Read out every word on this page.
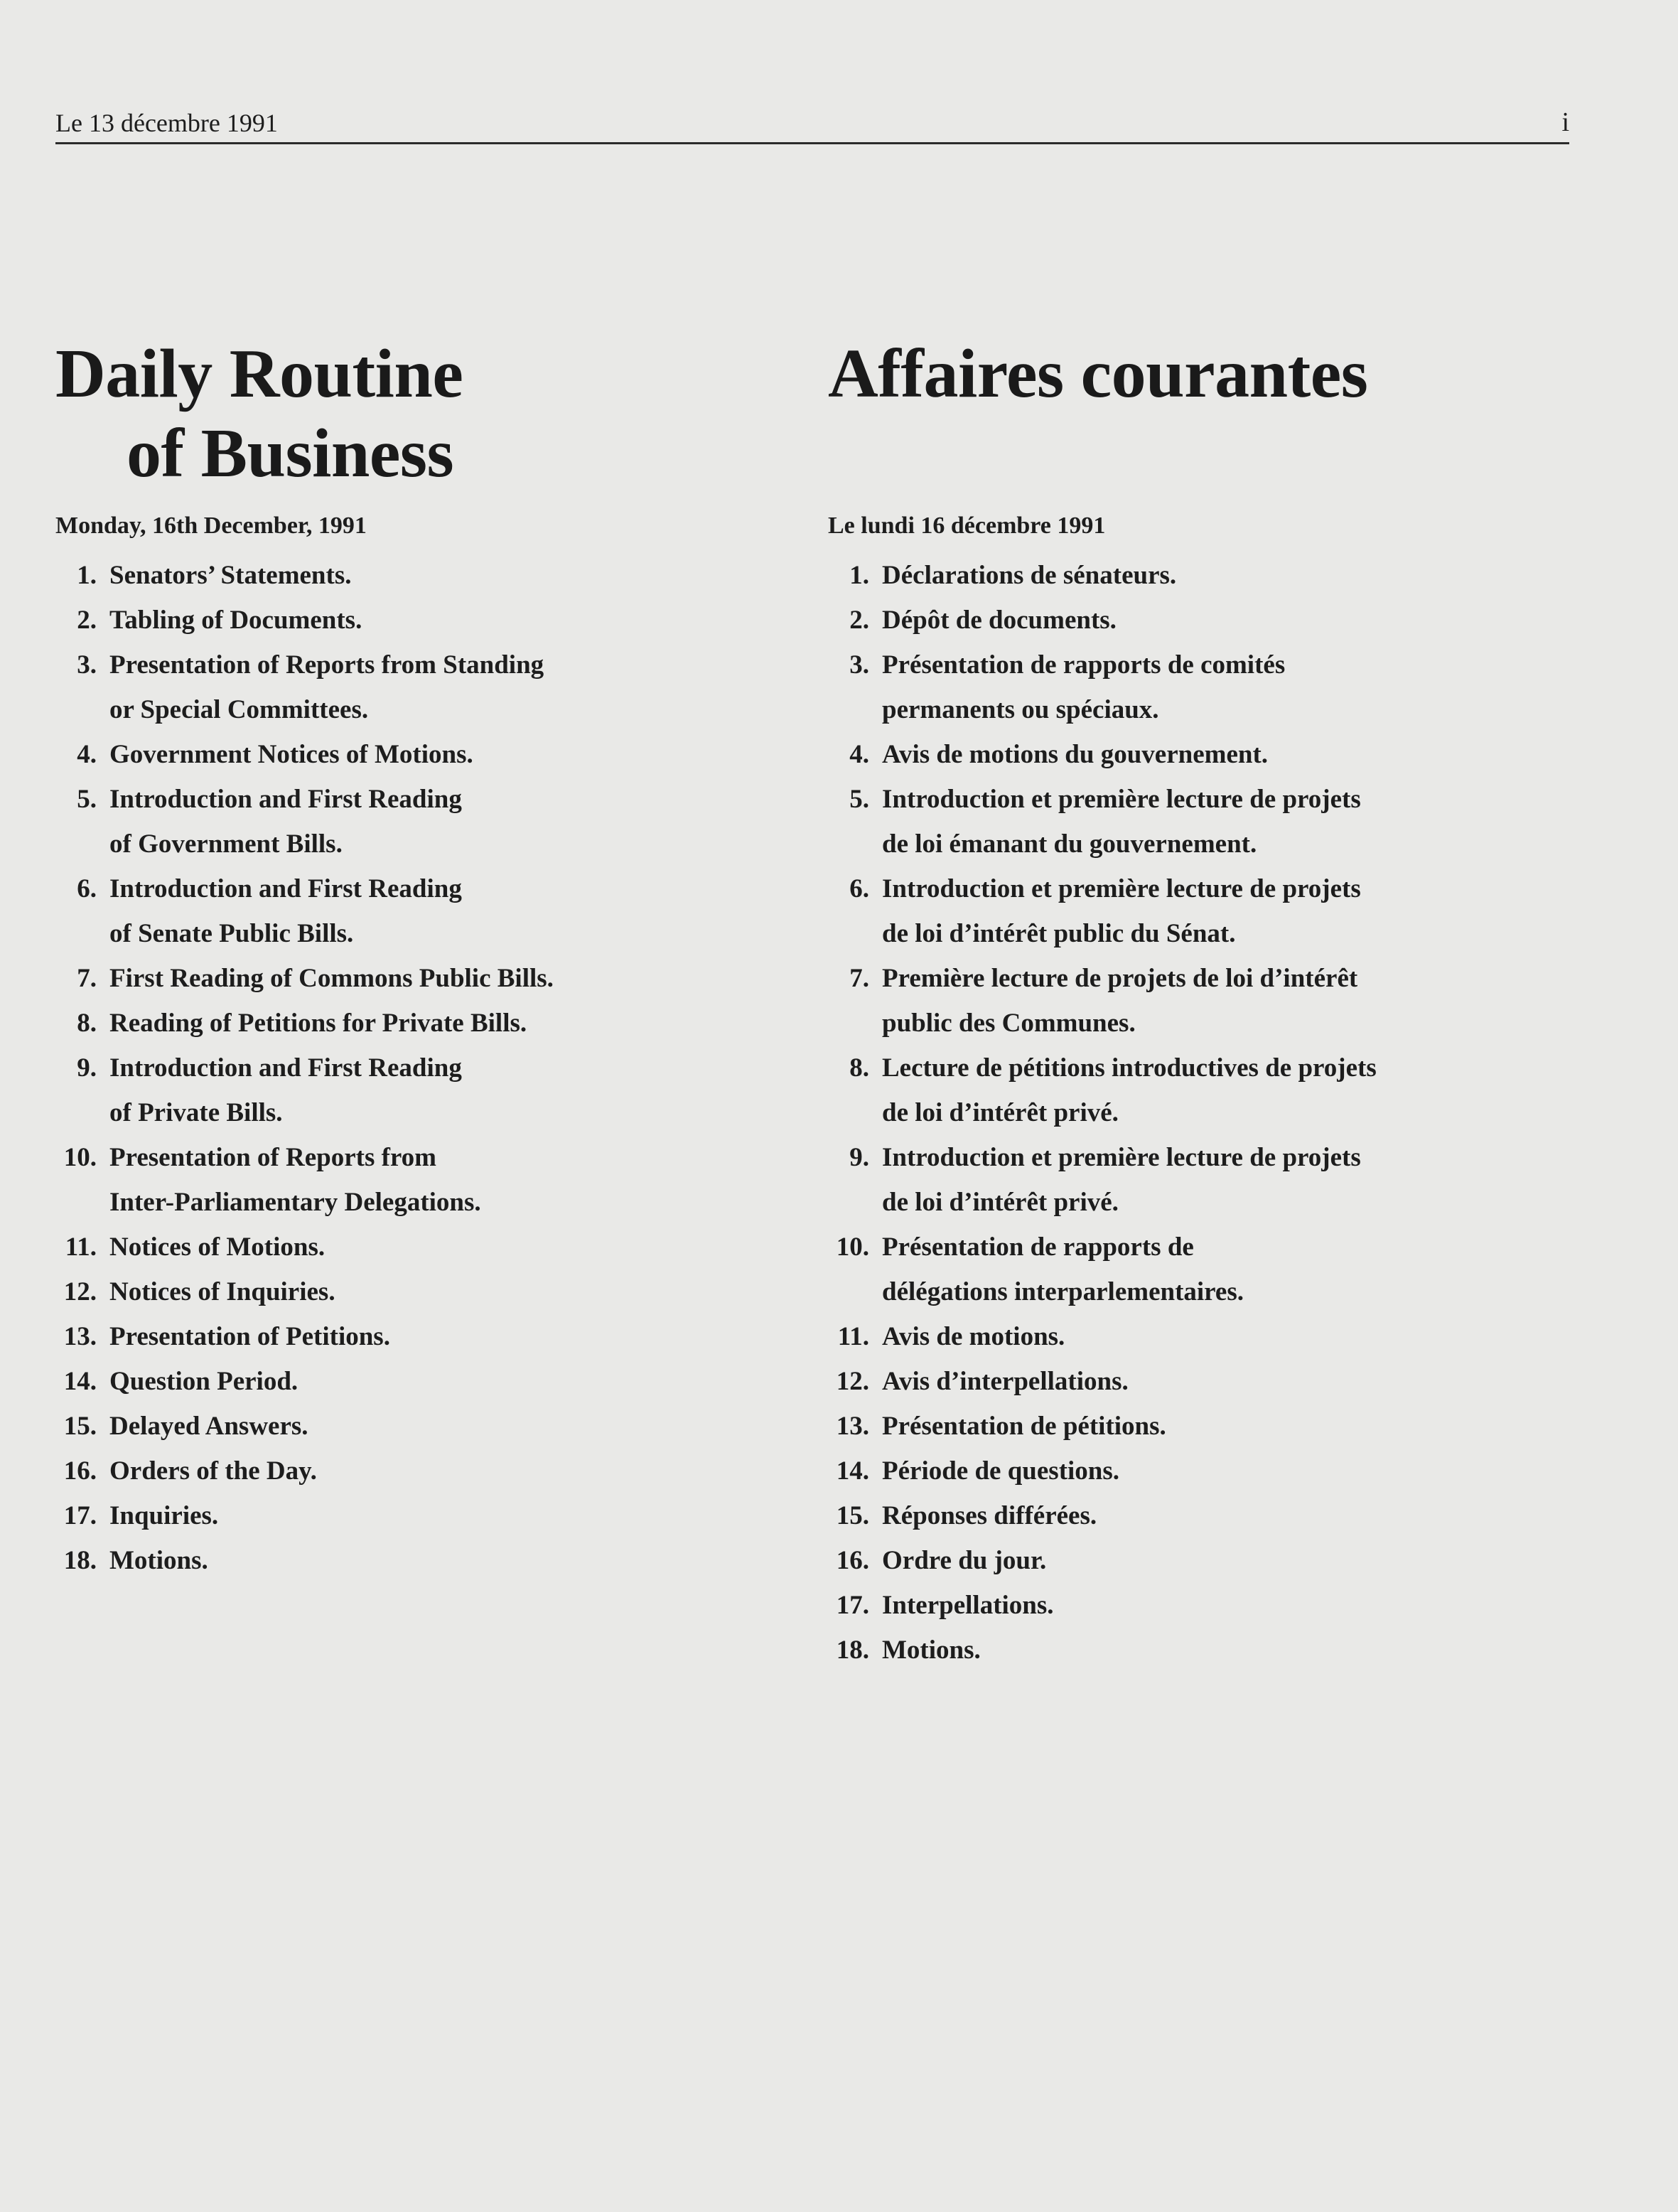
Le 13 décembre 1991	i
Daily Routine
of Business

Monday, 16th December, 1991

1. Senators’ Statements.
2. Tabling of Documents.
3. Presentation of Reports from Standing
or Special Committees.
4. Government Notices of Motions.
5. Introduction and First Reading
of Government Bills.
6. Introduction and First Reading
of Senate Public Bills.
7. First Reading of Commons Public Bills.
8. Reading of Petitions for Private Bills.
9. Introduction and First Reading
of Private Bills.
10. Presentation of Reports from
Inter-Parliamentary Delegations.
11. Notices of Motions.
12. Notices of Inquiries.
13. Presentation of Petitions.
14. Question Period.
15. Delayed Answers.
16. Orders of the Day.
17. Inquiries.
18. Motions.
Affaires courantes

Le lundi 16 décembre 1991

1. Déclarations de sénateurs.
2. Dépôt de documents.
3. Présentation de rapports de comités
permanents ou spéciaux.
4. Avis de motions du gouvernement.
5. Introduction et première lecture de projets
de loi émanant du gouvernement.
6. Introduction et première lecture de projets
de loi d’intérêt public du Sénat.
7. Première lecture de projets de loi d’intérêt
public des Communes.
8. Lecture de pétitions introductives de projets
de loi d’intérêt privé.
9. Introduction et première lecture de projets
de loi d’intérêt privé.
10. Présentation de rapports de
délégations interparlementaires.
11. Avis de motions.
12. Avis d’interpellations.
13. Présentation de pétitions.
14. Période de questions.
15. Réponses différées.
16. Ordre du jour.
17. Interpellations.
18. Motions.
